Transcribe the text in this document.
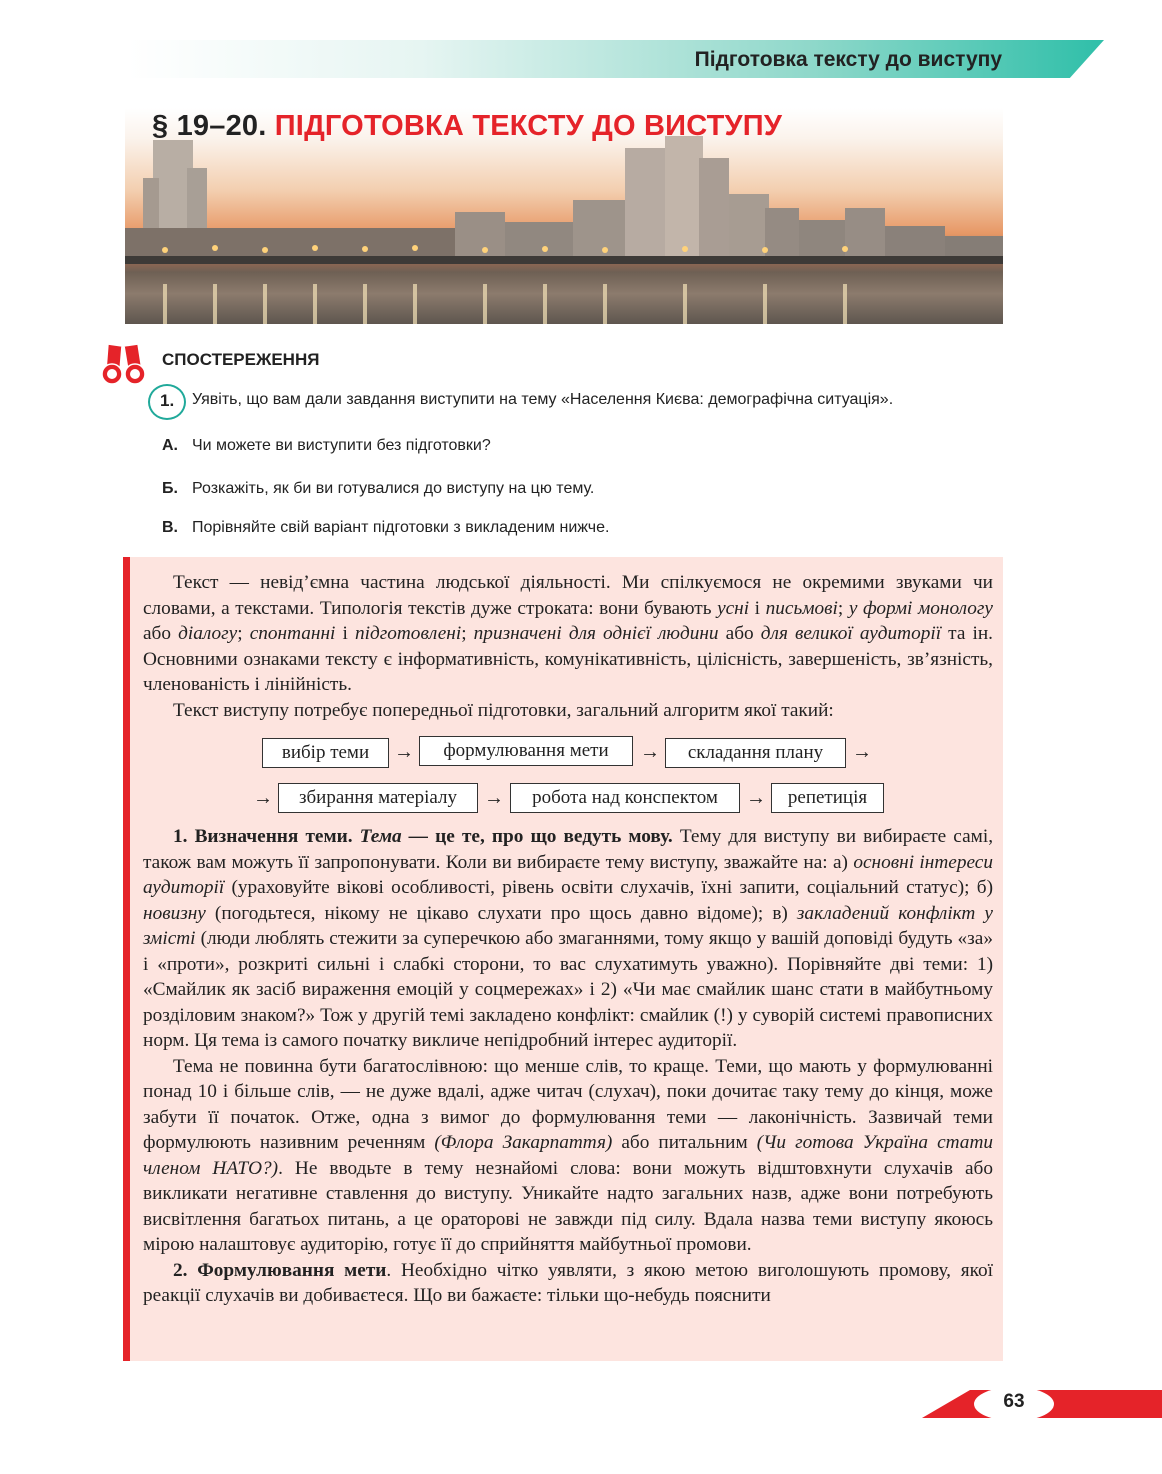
Підготовка тексту до виступу
§ 19–20. ПІДГОТОВКА ТЕКСТУ ДО ВИСТУПУ
СПОСТЕРЕЖЕННЯ
1. Уявіть, що вам дали завдання виступити на тему «Населення Києва: демографічна ситуація».
А. Чи можете ви виступити без підготовки?
Б. Розкажіть, як би ви готувалися до виступу на цю тему.
В. Порівняйте свій варіант підготовки з викладеним нижче.

Текст — невід’ємна частина людської діяльності. Ми спілкуємося не окремими звуками чи словами, а текстами. Типологія текстів дуже строката: вони бувають усні і письмові; у формі монологу або діалогу; спонтанні і підготовлені; призначені для однієї людини або для великої аудиторії та ін. Основними ознаками тексту є інформативність, комунікативність, цілісність, завершеність, зв’язність, членованість і лінійність.

Текст виступу потребує попередньої підготовки, загальний алгоритм якої такий:

вибір теми	→	формулювання мети	→	складання плану	→
→	збирання матеріалу	→	робота над конспектом	→	репетиція

1. Визначення теми. Тема — це те, про що ведуть мову. Тему для виступу ви вибираєте самі, також вам можуть її запропонувати. Коли ви вибираєте тему виступу, зважайте на: а) основні інтереси аудиторії (ураховуйте вікові особливості, рівень освіти слухачів, їхні запити, соціальний статус); б) новизну (погодьтеся, нікому не цікаво слухати про щось давно відоме); в) закладений конфлікт у змісті (люди люблять стежити за суперечкою або змаганнями, тому якщо у вашій доповіді будуть «за» і «проти», розкриті сильні і слабкі сторони, то вас слухатимуть уважно). Порівняйте дві теми: 1) «Смайлик як засіб вираження емоцій у соцмережах» і 2) «Чи має смайлик шанс стати в майбутньому розділовим знаком?» Тож у другій темі закладено конфлікт: смайлик (!) у суворій системі правописних норм. Ця тема із самого початку викличе непідробний інтерес аудиторії.

Тема не повинна бути багатослівною: що менше слів, то краще. Теми, що мають у формулюванні понад 10 і більше слів, — не дуже вдалі, адже читач (слухач), поки дочитає таку тему до кінця, може забути її початок. Отже, одна з вимог до формулювання теми — лаконічність. Зазвичай теми формулюють називним реченням (Флора Закарпаття) або питальним (Чи готова Україна стати членом НАТО?). Не вводьте в тему незнайомі слова: вони можуть відштовхнути слухачів або викликати негативне ставлення до виступу. Уникайте надто загальних назв, адже вони потребують висвітлення багатьох питань, а це ораторові не завжди під силу. Вдала назва теми виступу якоюсь мірою налаштовує аудиторію, готує її до сприйняття майбутньої промови.

2. Формулювання мети. Необхідно чітко уявляти, з якою метою виголошують промову, якої реакції слухачів ви добиваєтеся. Що ви бажаєте: тільки що-небудь пояснити

63
